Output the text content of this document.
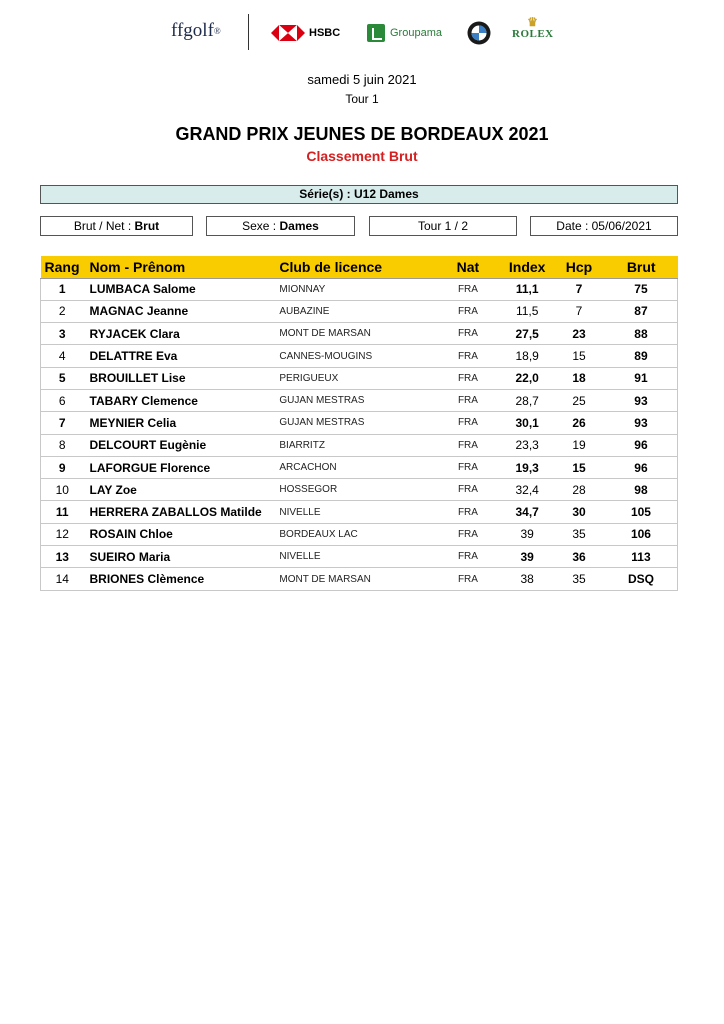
ffgolf ®	HSBC	Groupama
♛
ROLEX
samedi 5 juin 2021
Tour 1
GRAND PRIX JEUNES DE BORDEAUX 2021
Classement Brut
Série(s) : U12 Dames
Brut / Net : Brut	Sexe : Dames	Tour 1 / 2	Date : 05/06/2021
Rang	Nom - Prênom	Club de licence	Nat	Index	Hcp	Brut
1	LUMBACA Salome	MIONNAY	FRA	11,1	7	75
2	MAGNAC Jeanne	AUBAZINE	FRA	11,5	7	87
3	RYJACEK Clara	MONT DE MARSAN	FRA	27,5	23	88
4	DELATTRE Eva	CANNES-MOUGINS	FRA	18,9	15	89
5	BROUILLET Lise	PERIGUEUX	FRA	22,0	18	91
6	TABARY Clemence	GUJAN MESTRAS	FRA	28,7	25	93
7	MEYNIER Celia	GUJAN MESTRAS	FRA	30,1	26	93
8	DELCOURT Eugènie	BIARRITZ	FRA	23,3	19	96
9	LAFORGUE Florence	ARCACHON	FRA	19,3	15	96
10	LAY Zoe	HOSSEGOR	FRA	32,4	28	98
11	HERRERA ZABALLOS Matilde	NIVELLE	FRA	34,7	30	105
12	ROSAIN Chloe	BORDEAUX LAC	FRA	39	35	106
13	SUEIRO Maria	NIVELLE	FRA	39	36	113
14	BRIONES Clèmence	MONT DE MARSAN	FRA	38	35	DSQ
